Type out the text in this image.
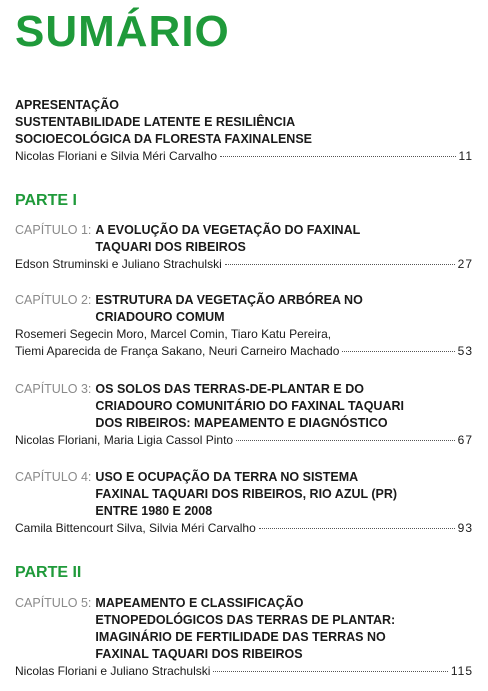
SUMÁRIO
APRESENTAÇÃO
SUSTENTABILIDADE LATENTE E RESILIÊNCIA
SOCIOECOLÓGICA DA FLORESTA FAXINALENSE
Nicolas Floriani e Silvia Méri Carvalho	11
PARTE I
CAPÍTULO 1: A EVOLUÇÃO DA VEGETAÇÃO DO FAXINAL
TAQUARI DOS RIBEIROS
Edson Struminski e Juliano Strachulski	27
CAPÍTULO 2: ESTRUTURA DA VEGETAÇÃO ARBÓREA NO
CRIADOURO COMUM
Rosemeri Segecin Moro, Marcel Comin, Tiaro Katu Pereira,
Tiemi Aparecida de França Sakano, Neuri Carneiro Machado	53
CAPÍTULO 3: OS SOLOS DAS TERRAS-DE-PLANTAR E DO
CRIADOURO COMUNITÁRIO DO FAXINAL TAQUARI
DOS RIBEIROS: MAPEAMENTO E DIAGNÓSTICO
Nicolas Floriani, Maria Ligia Cassol Pinto	67
CAPÍTULO 4: USO E OCUPAÇÃO DA TERRA NO SISTEMA
FAXINAL TAQUARI DOS RIBEIROS, RIO AZUL (PR)
ENTRE 1980 E 2008
Camila Bittencourt Silva, Silvia Méri Carvalho	93
PARTE II
CAPÍTULO 5: MAPEAMENTO E CLASSIFICAÇÃO
ETNOPEDOLÓGICOS DAS TERRAS DE PLANTAR:
IMAGINÁRIO DE FERTILIDADE DAS TERRAS NO
FAXINAL TAQUARI DOS RIBEIROS
Nicolas Floriani e Juliano Strachulski	115
